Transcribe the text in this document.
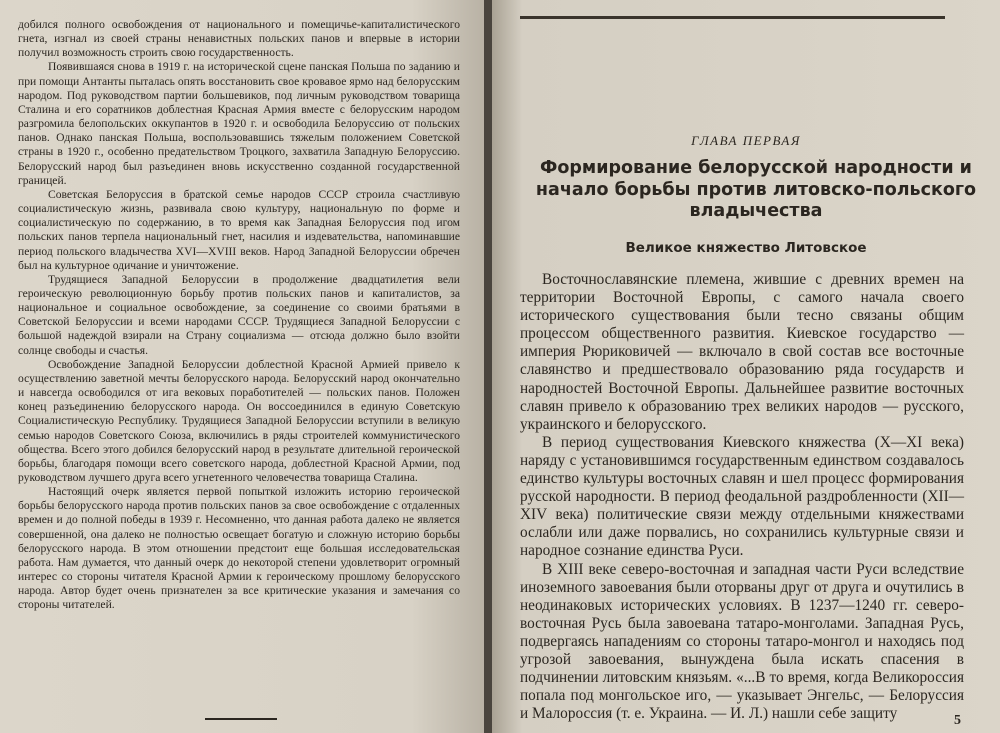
добился полного освобождения от национального и помещичье-капиталистического гнета, изгнал из своей страны ненавистных польских панов и впервые в истории получил возможность строить свою государственность.

Появившаяся снова в 1919 г. на исторической сцене панская Польша по заданию и при помощи Антанты пыталась опять восстановить свое кровавое ярмо над белорусским народом. Под руководством партии большевиков, под личным руководством товарища Сталина и его соратников доблестная Красная Армия вместе с белорусским народом разгромила белопольских оккупантов в 1920 г. и освободила Белоруссию от польских панов. Однако панская Польша, воспользовавшись тяжелым положением Советской страны в 1920 г., особенно предательством Троцкого, захватила Западную Белоруссию. Белорусский народ был разъединен вновь искусственно созданной государственной границей.

Советская Белоруссия в братской семье народов СССР строила счастливую социалистическую жизнь, развивала свою культуру, национальную по форме и социалистическую по содержанию, в то время как Западная Белоруссия под игом польских панов терпела национальный гнет, насилия и издевательства, напоминавшие период польского владычества XVI—XVIII веков. Народ Западной Белоруссии обречен был на культурное одичание и уничтожение.

Трудящиеся Западной Белоруссии в продолжение двадцатилетия вели героическую революционную борьбу против польских панов и капиталистов, за национальное и социальное освобождение, за соединение со своими братьями в Советской Белоруссии и всеми народами СССР. Трудящиеся Западной Белоруссии с большой надеждой взирали на Страну социализма — отсюда должно было взойти солнце свободы и счастья.

Освобождение Западной Белоруссии доблестной Красной Армией привело к осуществлению заветной мечты белорусского народа. Белорусский народ окончательно и навсегда освободился от ига вековых поработителей — польских панов. Положен конец разъединению белорусского народа. Он воссоединился в единую Советскую Социалистическую Республику. Трудящиеся Западной Белоруссии вступили в великую семью народов Советского Союза, включились в ряды строителей коммунистического общества. Всего этого добился белорусский народ в результате длительной героической борьбы, благодаря помощи всего советского народа, доблестной Красной Армии, под руководством лучшего друга всего угнетенного человечества товарища Сталина.

Настоящий очерк является первой попыткой изложить историю героической борьбы белорусского народа против польских панов за свое освобождение с отдаленных времен и до полной победы в 1939 г. Несомненно, что данная работа далеко не является совершенной, она далеко не полностью освещает богатую и сложную историю борьбы белорусского народа. В этом отношении предстоит еще большая исследовательская работа. Нам думается, что данный очерк до некоторой степени удовлетворит огромный интерес со стороны читателя Красной Армии к героическому прошлому белорусского народа. Автор будет очень признателен за все критические указания и замечания со стороны читателей.

ГЛАВА ПЕРВАЯ
Формирование белорусской народности и начало борьбы против литовско-польского владычества
Великое княжество Литовское

Восточнославянские племена, жившие с древних времен на территории Восточной Европы, с самого начала своего исторического существования были тесно связаны общим процессом общественного развития. Киевское государство — империя Рюриковичей — включало в свой состав все восточные славянство и предшествовало образованию ряда государств и народностей Восточной Европы. Дальнейшее развитие восточных славян привело к образованию трех великих народов — русского, украинского и белорусского.

В период существования Киевского княжества (X—XI века) наряду с установившимся государственным единством создавалось единство культуры восточных славян и шел процесс формирования русской народности. В период феодальной раздробленности (XII—XIV века) политические связи между отдельными княжествами ослабли или даже порвались, но сохранились культурные связи и народное сознание единства Руси.

В XIII веке северо-восточная и западная части Руси вследствие иноземного завоевания были оторваны друг от друга и очутились в неодинаковых исторических условиях. В 1237—1240 гг. северо-восточная Русь была завоевана татаро-монголами. Западная Русь, подвергаясь нападениям со стороны татаро-монгол и находясь под угрозой завоевания, вынуждена была искать спасения в подчинении литовским князьям. «...В то время, когда Великороссия попала под монгольское иго, — указывает Энгельс, — Белоруссия и Малороссия (т. е. Украина. — И. Л.) нашли себе защиту	5
